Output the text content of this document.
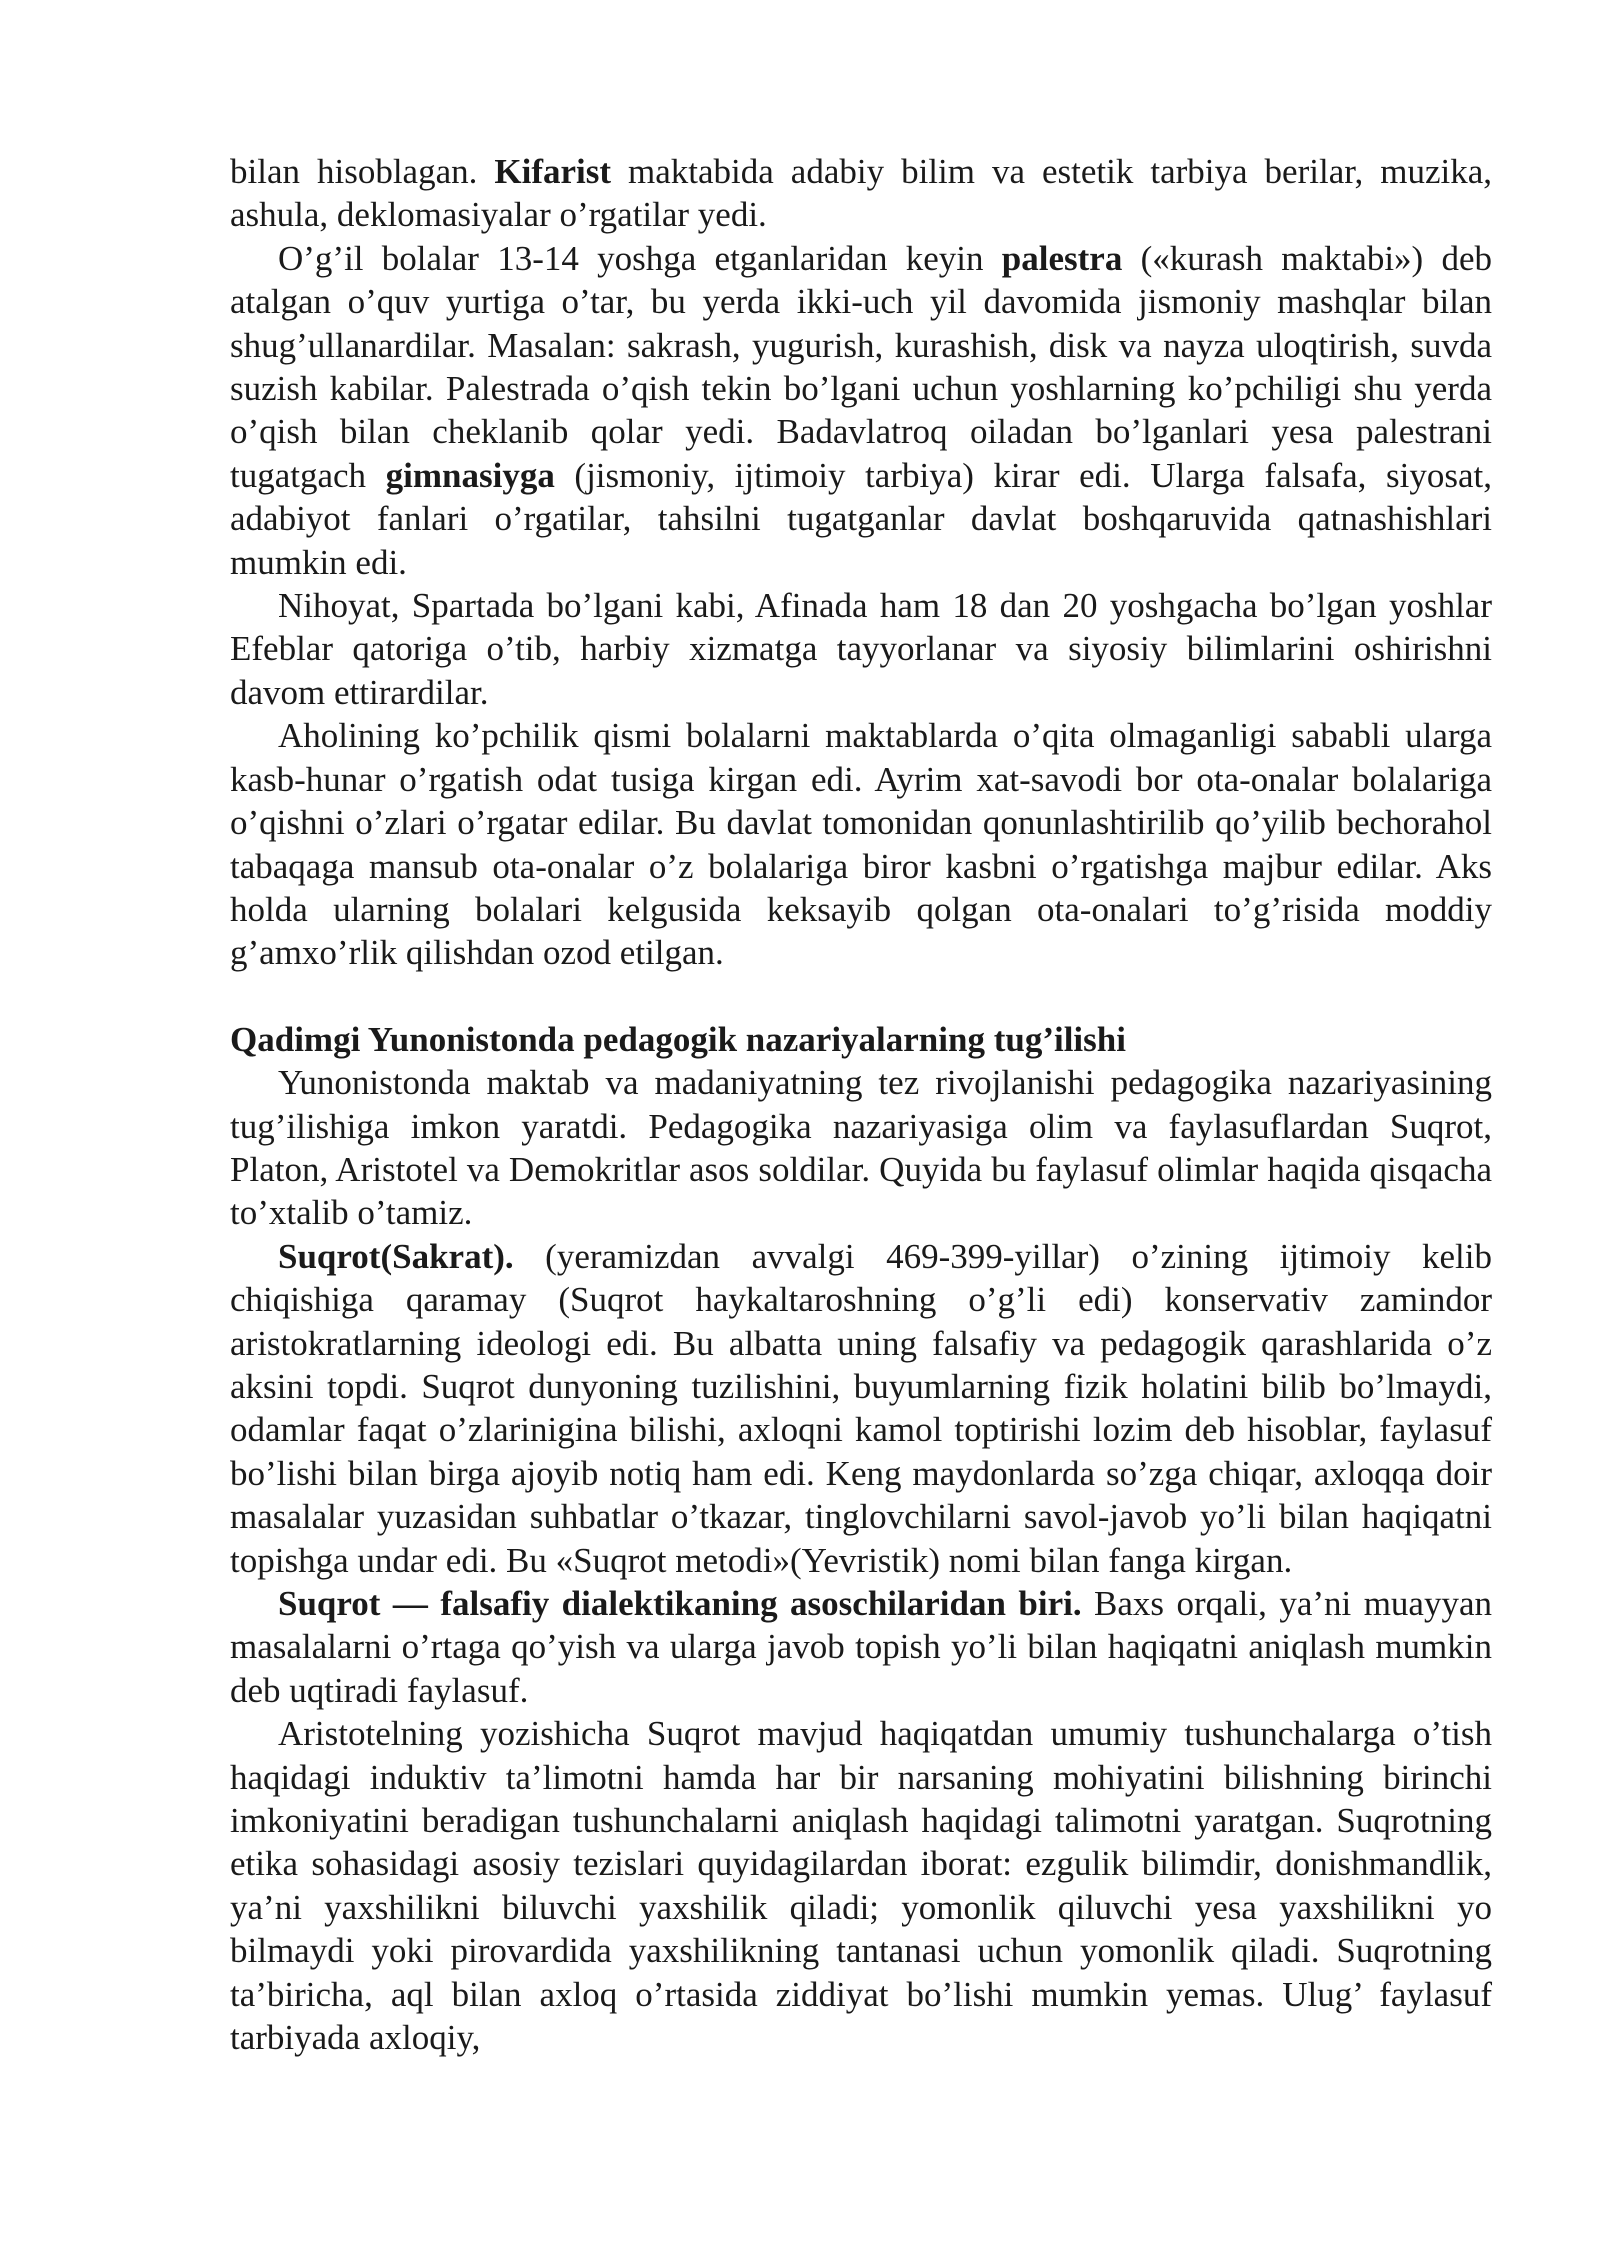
bilan hisoblagan. Kifarist maktabida adabiy bilim va estetik tarbiya berilar, muzika, ashula, deklomasiyalar o’rgatilar yedi.

O’g’il bolalar 13-14 yoshga etganlaridan keyin palestra («kurash maktabi») deb atalgan o’quv yurtiga o’tar, bu yerda ikki-uch yil davomida jismoniy mashqlar bilan shug’ullanardilar. Masalan: sakrash, yugurish, kurashish, disk va nayza uloqtirish, suvda suzish kabilar. Palestrada o’qish tekin bo’lgani uchun yoshlarning ko’pchiligi shu yerda o’qish bilan cheklanib qolar yedi. Badavlatroq oiladan bo’lganlari yesa palestrani tugatgach gimnasiyga (jismoniy, ijtimoiy tarbiya) kirar edi. Ularga falsafa, siyosat, adabiyot fanlari o’rgatilar, tahsilni tugatganlar davlat boshqaruvida qatnashishlari mumkin edi.

Nihoyat, Spartada bo’lgani kabi, Afinada ham 18 dan 20 yoshgacha bo’lgan yoshlar Efeblar qatoriga o’tib, harbiy xizmatga tayyorlanar va siyosiy bilimlarini oshirishni davom ettirardilar.

Aholining ko’pchilik qismi bolalarni maktablarda o’qita olmaganligi sababli ularga kasb-hunar o’rgatish odat tusiga kirgan edi. Ayrim xat-savodi bor ota-onalar bolalariga o’qishni o’zlari o’rgatar edilar. Bu davlat tomonidan qonunlashtirilib qo’yilib bechorahol tabaqaga mansub ota-onalar o’z bolalariga biror kasbni o’rgatishga majbur edilar. Aks holda ularning bolalari kelgusida keksayib qolgan ota-onalari to’g’risida moddiy g’amxo’rlik qilishdan ozod etilgan.

Qadimgi Yunonistonda pedagogik nazariyalarning tug’ilishi

Yunonistonda maktab va madaniyatning tez rivojlanishi pedagogika nazariyasining tug’ilishiga imkon yaratdi. Pedagogika nazariyasiga olim va faylasuflardan Suqrot, Platon, Aristotel va Demokritlar asos soldilar. Quyida bu faylasuf olimlar haqida qisqacha to’xtalib o’tamiz.

Suqrot(Sakrat). (yeramizdan avvalgi 469-399-yillar) o’zining ijtimoiy kelib chiqishiga qaramay (Suqrot haykaltaroshning o’g’li edi) konservativ zamindor aristokratlarning ideologi edi. Bu albatta uning falsafiy va pedagogik qarashlarida o’z aksini topdi. Suqrot dunyoning tuzilishini, buyumlarning fizik holatini bilib bo’lmaydi, odamlar faqat o’zlarinigina bilishi, axloqni kamol toptirishi lozim deb hisoblar, faylasuf bo’lishi bilan birga ajoyib notiq ham edi. Keng maydonlarda so’zga chiqar, axloqqa doir masalalar yuzasidan suhbatlar o’tkazar, tinglovchilarni savol-javob yo’li bilan haqiqatni topishga undar edi. Bu «Suqrot metodi»(Yevristik) nomi bilan fanga kirgan.

Suqrot — falsafiy dialektikaning asoschilaridan biri. Baxs orqali, ya’ni muayyan masalalarni o’rtaga qo’yish va ularga javob topish yo’li bilan haqiqatni aniqlash mumkin deb uqtiradi faylasuf.

Aristotelning yozishicha Suqrot mavjud haqiqatdan umumiy tushunchalarga o’tish haqidagi induktiv ta’limotni hamda har bir narsaning mohiyatini bilishning birinchi imkoniyatini beradigan tushunchalarni aniqlash haqidagi talimotni yaratgan. Suqrotning etika sohasidagi asosiy tezislari quyidagilardan iborat: ezgulik bilimdir, donishmandlik, ya’ni yaxshilikni biluvchi yaxshilik qiladi; yomonlik qiluvchi yesa yaxshilikni yo bilmaydi yoki pirovardida yaxshilikning tantanasi uchun yomonlik qiladi. Suqrotning ta’biricha, aql bilan axloq o’rtasida ziddiyat bo’lishi mumkin yemas. Ulug’ faylasuf tarbiyada axloqiy,
